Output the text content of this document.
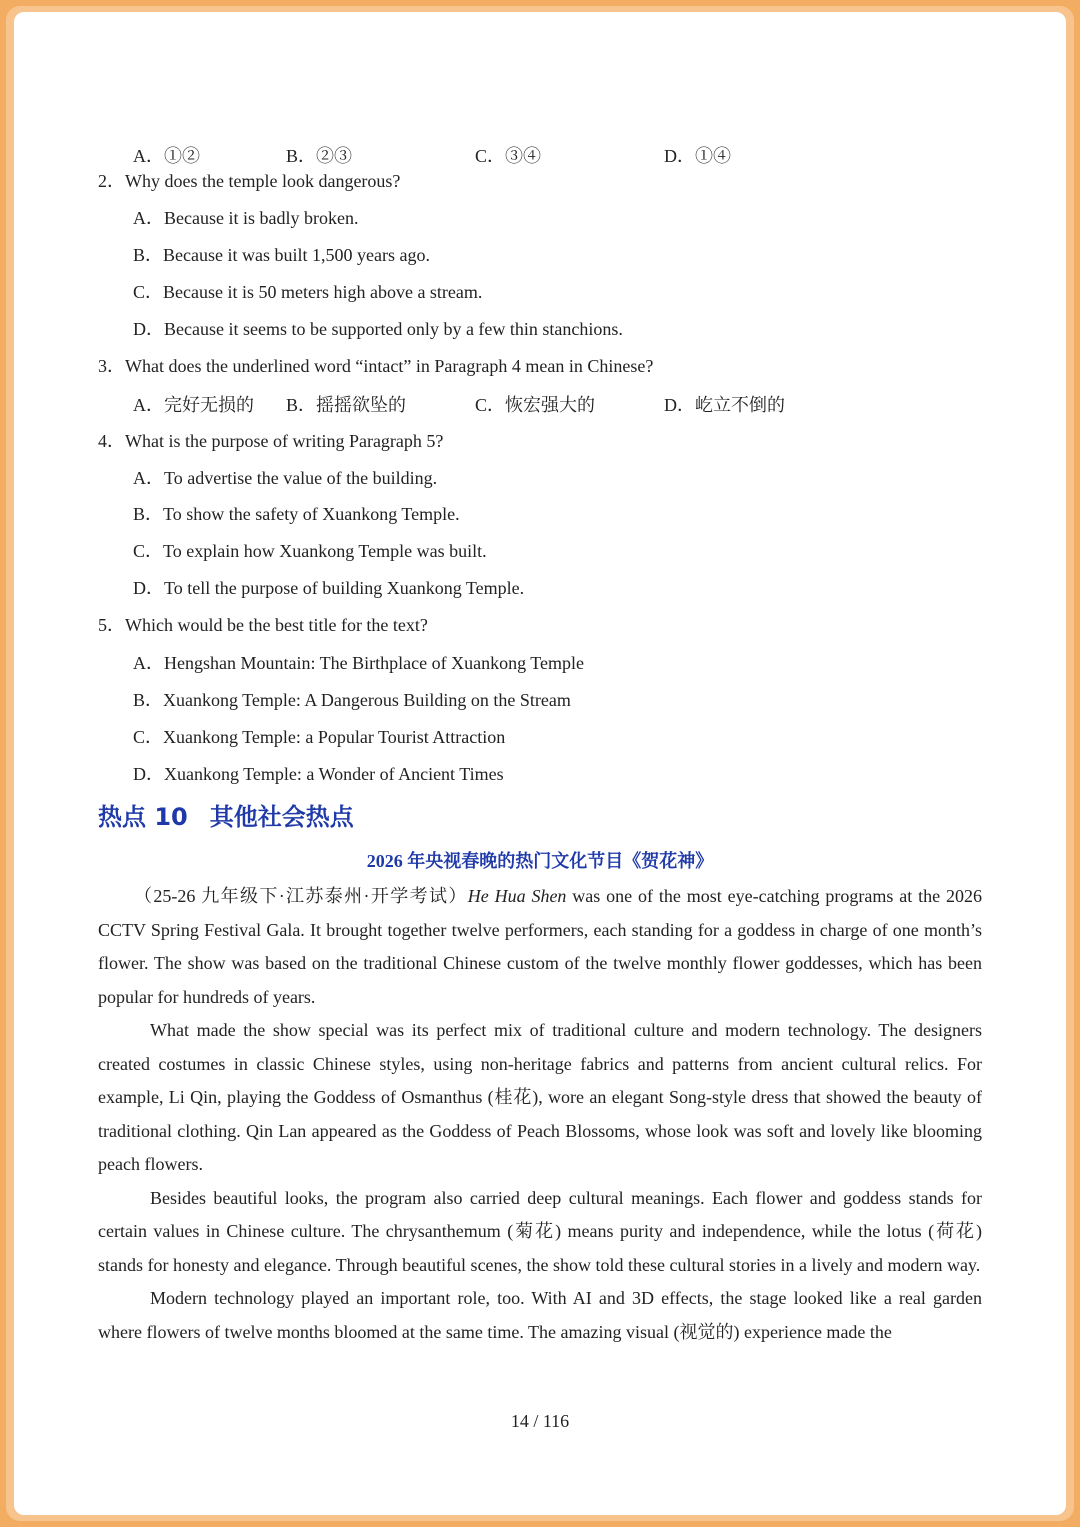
A．①②	B．②③	C．③④	D．①④
2．Why does the temple look dangerous?
A．Because it is badly broken.
B．Because it was built 1,500 years ago.
C．Because it is 50 meters high above a stream.
D．Because it seems to be supported only by a few thin stanchions.
3．What does the underlined word “intact” in Paragraph 4 mean in Chinese?
A．完好无损的 B．摇摇欲坠的	C．恢宏强大的	D．屹立不倒的
4．What is the purpose of writing Paragraph 5?
A．To advertise the value of the building.
B．To show the safety of Xuankong Temple.
C．To explain how Xuankong Temple was built.
D．To tell the purpose of building Xuankong Temple.
5．Which would be the best title for the text?
A．Hengshan Mountain: The Birthplace of Xuankong Temple
B．Xuankong Temple: A Dangerous Building on the Stream
C．Xuankong Temple: a Popular Tourist Attraction
D．Xuankong Temple: a Wonder of Ancient Times
热点 10 其他社会热点
2026 年央视春晚的热门文化节目《贺花神》

（25-26 九年级下·江苏泰州·开学考试）He Hua Shen was one of the most eye-catching programs at the 2026 CCTV Spring Festival Gala. It brought together twelve performers, each standing for a goddess in charge of one month’s flower. The show was based on the traditional Chinese custom of the twelve monthly flower goddesses, which has been popular for hundreds of years.

What made the show special was its perfect mix of traditional culture and modern technology. The designers created costumes in classic Chinese styles, using non-heritage fabrics and patterns from ancient cultural relics. For example, Li Qin, playing the Goddess of Osmanthus (桂花), wore an elegant Song-style dress that showed the beauty of traditional clothing. Qin Lan appeared as the Goddess of Peach Blossoms, whose look was soft and lovely like blooming peach flowers.

Besides beautiful looks, the program also carried deep cultural meanings. Each flower and goddess stands for certain values in Chinese culture. The chrysanthemum (菊花) means purity and independence, while the lotus (荷花) stands for honesty and elegance. Through beautiful scenes, the show told these cultural stories in a lively and modern way.

Modern technology played an important role, too. With AI and 3D effects, the stage looked like a real garden where flowers of twelve months bloomed at the same time. The amazing visual (视觉的) experience made the

14 / 116
